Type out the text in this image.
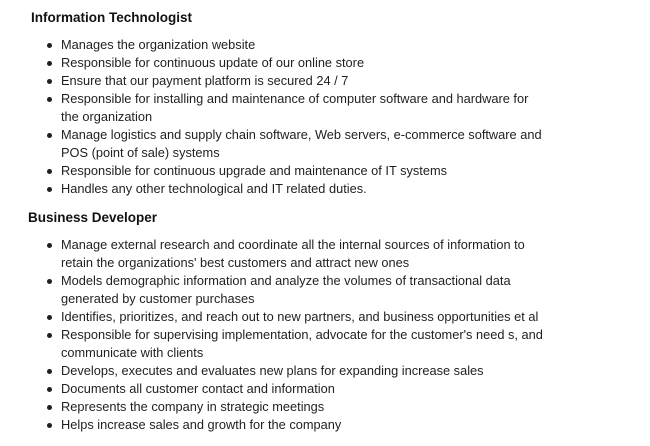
Information Technologist
Manages the organization website
Responsible for continuous update of our online store
Ensure that our payment platform is secured 24 / 7
Responsible for installing and maintenance of computer software and hardware for
the organization
Manage logistics and supply chain software, Web servers, e-commerce software and
POS (point of sale) systems
Responsible for continuous upgrade and maintenance of IT systems
Handles any other technological and IT related duties.
Business Developer
Manage external research and coordinate all the internal sources of information to
retain the organizations' best customers and attract new ones
Models demographic information and analyze the volumes of transactional data
generated by customer purchases
Identifies, prioritizes, and reach out to new partners, and business opportunities et al
Responsible for supervising implementation, advocate for the customer's need s, and
communicate with clients
Develops, executes and evaluates new plans for expanding increase sales
Documents all customer contact and information
Represents the company in strategic meetings
Helps increase sales and growth for the company
